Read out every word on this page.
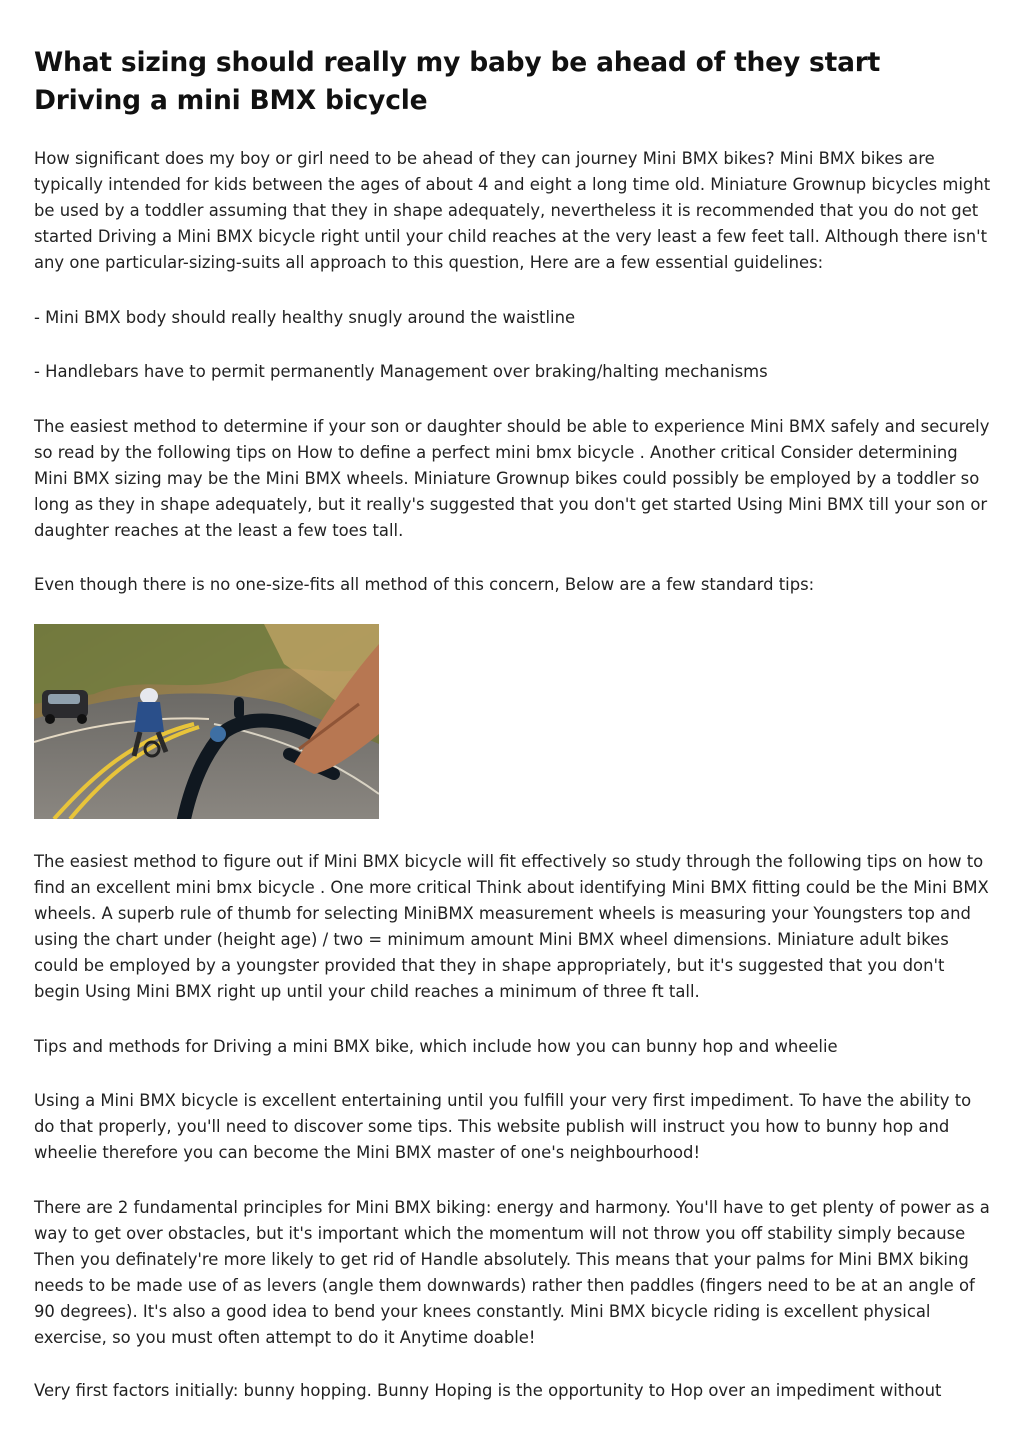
What sizing should really my baby be ahead of they start Driving a mini BMX bicycle

How significant does my boy or girl need to be ahead of they can journey Mini BMX bikes? Mini BMX bikes are typically intended for kids between the ages of about 4 and eight a long time old. Miniature Grownup bicycles might be used by a toddler assuming that they in shape adequately, nevertheless it is recommended that you do not get started Driving a Mini BMX bicycle right until your child reaches at the very least a few feet tall. Although there isn't any one particular-sizing-suits all approach to this question, Here are a few essential guidelines:

- Mini BMX body should really healthy snugly around the waistline

- Handlebars have to permit permanently Management over braking/halting mechanisms

The easiest method to determine if your son or daughter should be able to experience Mini BMX safely and securely so read by the following tips on How to define a perfect mini bmx bicycle . Another critical Consider determining Mini BMX sizing may be the Mini BMX wheels. Miniature Grownup bikes could possibly be employed by a toddler so long as they in shape adequately, but it really's suggested that you don't get started Using Mini BMX till your son or daughter reaches at the least a few toes tall.

Even though there is no one-size-fits all method of this concern, Below are a few standard tips:

The easiest method to figure out if Mini BMX bicycle will fit effectively so study through the following tips on how to find an excellent mini bmx bicycle . One more critical Think about identifying Mini BMX fitting could be the Mini BMX wheels. A superb rule of thumb for selecting MiniBMX measurement wheels is measuring your Youngsters top and using the chart under (height age) / two = minimum amount Mini BMX wheel dimensions. Miniature adult bikes could be employed by a youngster provided that they in shape appropriately, but it's suggested that you don't begin Using Mini BMX right up until your child reaches a minimum of three ft tall.

Tips and methods for Driving a mini BMX bike, which include how you can bunny hop and wheelie

Using a Mini BMX bicycle is excellent entertaining until you fulfill your very first impediment. To have the ability to do that properly, you'll need to discover some tips. This website publish will instruct you how to bunny hop and wheelie therefore you can become the Mini BMX master of one's neighbourhood!

There are 2 fundamental principles for Mini BMX biking: energy and harmony. You'll have to get plenty of power as a way to get over obstacles, but it's important which the momentum will not throw you off stability simply because Then you definately're more likely to get rid of Handle absolutely. This means that your palms for Mini BMX biking needs to be made use of as levers (angle them downwards) rather then paddles (fingers need to be at an angle of 90 degrees). It's also a good idea to bend your knees constantly. Mini BMX bicycle riding is excellent physical exercise, so you must often attempt to do it Anytime doable!

Very first factors initially: bunny hopping. Bunny Hoping is the opportunity to Hop over an impediment without
